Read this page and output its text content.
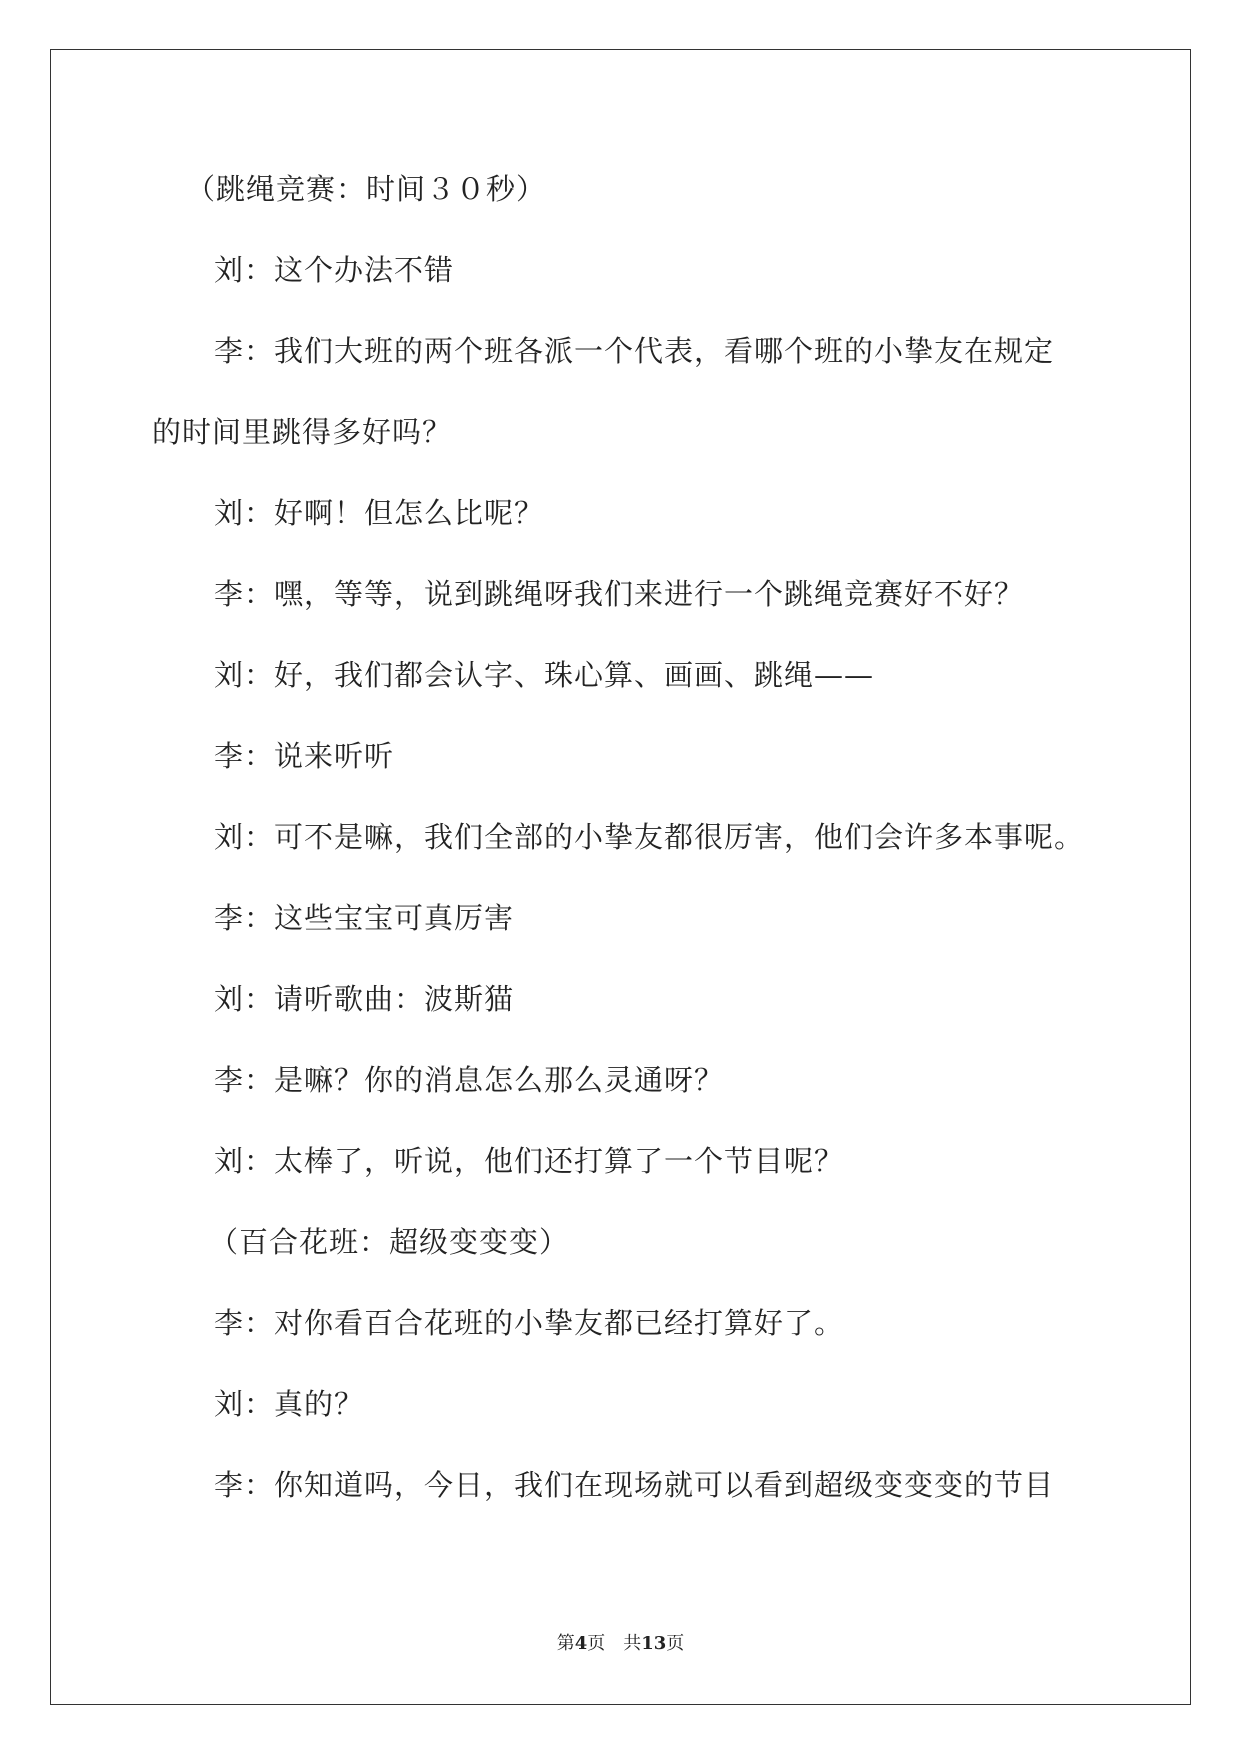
（跳绳竞赛：时间３０秒）
刘：这个办法不错
李：我们大班的两个班各派一个代表，看哪个班的小挚友在规定
的时间里跳得多好吗？
刘：好啊！但怎么比呢？
李：嘿，等等，说到跳绳呀我们来进行一个跳绳竞赛好不好？
刘：好，我们都会认字、珠心算、画画、跳绳——
李：说来听听
刘：可不是嘛，我们全部的小挚友都很厉害，他们会许多本事呢。
李：这些宝宝可真厉害
刘：请听歌曲：波斯猫
李：是嘛？你的消息怎么那么灵通呀？
刘：太棒了，听说，他们还打算了一个节目呢？
（百合花班：超级变变变）
李：对你看百合花班的小挚友都已经打算好了。
刘：真的？
李：你知道吗，今日，我们在现场就可以看到超级变变变的节目
第4页 共13页
